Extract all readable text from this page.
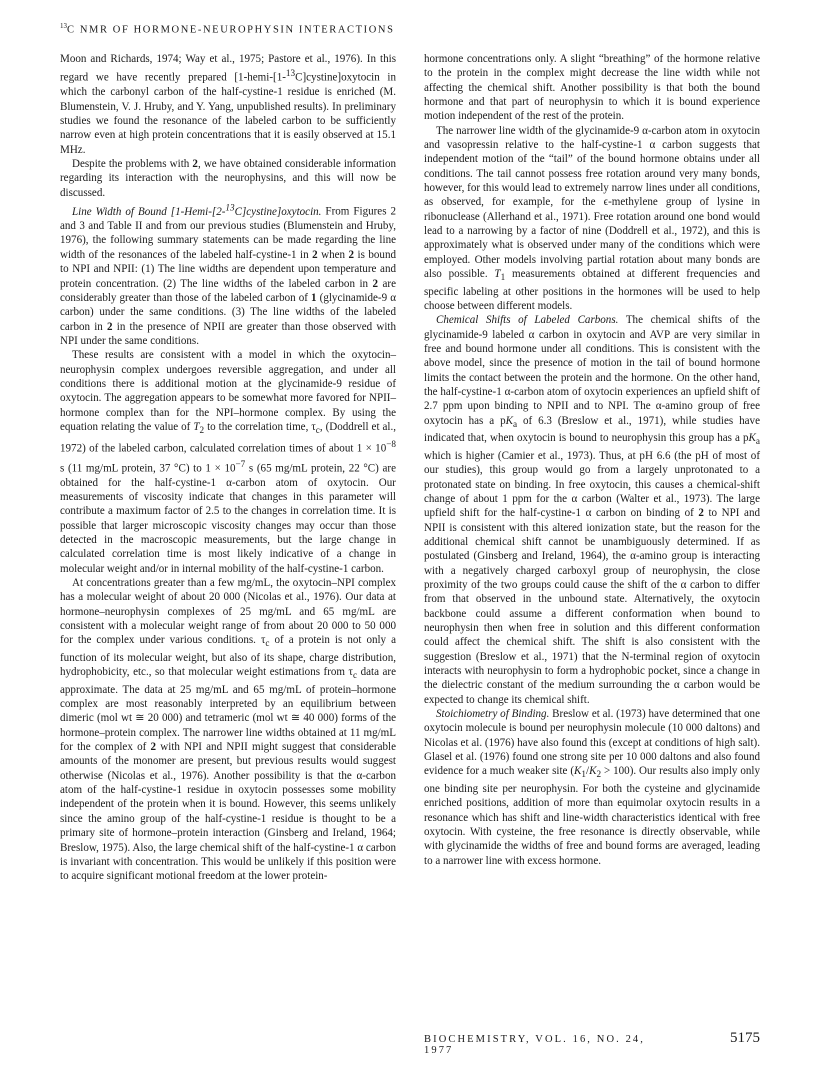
$^{13}$C NMR OF HORMONE-NEUROPHYSIN INTERACTIONS

Moon and Richards, 1974; Way et al., 1975; Pastore et al., 1976). In this regard we have recently prepared [1-hemi-[1-$^{13}$C]cystine]oxytocin in which the carbonyl carbon of the half-cystine-1 residue is enriched (M. Blumenstein, V. J. Hruby, and Y. Yang, unpublished results). In preliminary studies we found the resonance of the labeled carbon to be sufficiently narrow even at high protein concentrations that it is easily observed at 15.1 MHz.

Despite the problems with 2, we have obtained considerable information regarding its interaction with the neurophysins, and this will now be discussed.

Line Width of Bound [1-Hemi-[2-$^{13}$C]cystine]oxytocin. From Figures 2 and 3 and Table II and from our previous studies (Blumenstein and Hruby, 1976), the following summary statements can be made regarding the line width of the resonances of the labeled half-cystine-1 in 2 when 2 is bound to NPI and NPII: (1) The line widths are dependent upon temperature and protein concentration. (2) The line widths of the labeled carbon in 2 are considerably greater than those of the labeled carbon of 1 (glycinamide-9 α carbon) under the same conditions. (3) The line widths of the labeled carbon in 2 in the presence of NPII are greater than those observed with NPI under the same conditions.

These results are consistent with a model in which the oxytocin–neurophysin complex undergoes reversible aggregation, and under all conditions there is additional motion at the glycinamide-9 residue of oxytocin. The aggregation appears to be somewhat more favored for NPII–hormone complex than for the NPI–hormone complex. By using the equation relating the value of $T_2$ to the correlation time, $\tau_c$, (Doddrell et al., 1972) of the labeled carbon, calculated correlation times of about $1 \times 10^{-8}$ s (11 mg/mL protein, 37 °C) to $1 \times 10^{-7}$ s (65 mg/mL protein, 22 °C) are obtained for the half-cystine-1 α-carbon atom of oxytocin. Our measurements of viscosity indicate that changes in this parameter will contribute a maximum factor of 2.5 to the changes in correlation time. It is possible that larger microscopic viscosity changes may occur than those detected in the macroscopic measurements, but the large change in calculated correlation time is most likely indicative of a change in molecular weight and/or in internal mobility of the half-cystine-1 carbon.

At concentrations greater than a few mg/mL, the oxytocin–NPI complex has a molecular weight of about 20 000 (Nicolas et al., 1976). Our data at hormone–neurophysin complexes of 25 mg/mL and 65 mg/mL are consistent with a molecular weight range of from about 20 000 to 50 000 for the complex under various conditions. $\tau_c$ of a protein is not only a function of its molecular weight, but also of its shape, charge distribution, hydrophobicity, etc., so that molecular weight estimations from $\tau_c$ data are approximate. The data at 25 mg/mL and 65 mg/mL of protein–hormone complex are most reasonably interpreted by an equilibrium between dimeric (mol wt ≅ 20 000) and tetrameric (mol wt ≅ 40 000) forms of the hormone–protein complex. The narrower line widths obtained at 11 mg/mL for the complex of 2 with NPI and NPII might suggest that considerable amounts of the monomer are present, but previous results would suggest otherwise (Nicolas et al., 1976). Another possibility is that the α-carbon atom of the half-cystine-1 residue in oxytocin possesses some mobility independent of the protein when it is bound. However, this seems unlikely since the amino group of the half-cystine-1 residue is thought to be a primary site of hormone–protein interaction (Ginsberg and Ireland, 1964; Breslow, 1975). Also, the large chemical shift of the half-cystine-1 α carbon is invariant with concentration. This would be unlikely if this position were to acquire significant motional freedom at the lower protein-

hormone concentrations only. A slight “breathing” of the hormone relative to the protein in the complex might decrease the line width while not affecting the chemical shift. Another possibility is that both the bound hormone and that part of neurophysin to which it is bound experience motion independent of the rest of the protein.

The narrower line width of the glycinamide-9 α-carbon atom in oxytocin and vasopressin relative to the half-cystine-1 α carbon suggests that independent motion of the “tail” of the bound hormone obtains under all conditions. The tail cannot possess free rotation around very many bonds, however, for this would lead to extremely narrow lines under all conditions, as observed, for example, for the ϵ-methylene group of lysine in ribonuclease (Allerhand et al., 1971). Free rotation around one bond would lead to a narrowing by a factor of nine (Doddrell et al., 1972), and this is approximately what is observed under many of the conditions which were employed. Other models involving partial rotation about many bonds are also possible. $T_1$ measurements obtained at different frequencies and specific labeling at other positions in the hormones will be used to help choose between different models.

Chemical Shifts of Labeled Carbons. The chemical shifts of the glycinamide-9 labeled α carbon in oxytocin and AVP are very similar in free and bound hormone under all conditions. This is consistent with the above model, since the presence of motion in the tail of bound hormone limits the contact between the protein and the hormone. On the other hand, the half-cystine-1 α-carbon atom of oxytocin experiences an upfield shift of 2.7 ppm upon binding to NPII and to NPI. The α-amino group of free oxytocin has a $pK_a$ of 6.3 (Breslow et al., 1971), while studies have indicated that, when oxytocin is bound to neurophysin this group has a $pK_a$ which is higher (Camier et al., 1973). Thus, at pH 6.6 (the pH of most of our studies), this group would go from a largely unprotonated to a protonated state on binding. In free oxytocin, this causes a chemical-shift change of about 1 ppm for the α carbon (Walter et al., 1973). The large upfield shift for the half-cystine-1 α carbon on binding of 2 to NPI and NPII is consistent with this altered ionization state, but the reason for the additional chemical shift cannot be unambiguously determined. If as postulated (Ginsberg and Ireland, 1964), the α-amino group is interacting with a negatively charged carboxyl group of neurophysin, the close proximity of the two groups could cause the shift of the α carbon to differ from that observed in the unbound state. Alternatively, the oxytocin backbone could assume a different conformation when bound to neurophysin then when free in solution and this different conformation could affect the chemical shift. The shift is also consistent with the suggestion (Breslow et al., 1971) that the N-terminal region of oxytocin interacts with neurophysin to form a hydrophobic pocket, since a change in the dielectric constant of the medium surrounding the α carbon would be expected to change its chemical shift.

Stoichiometry of Binding. Breslow et al. (1973) have determined that one oxytocin molecule is bound per neurophysin molecule (10 000 daltons) and Nicolas et al. (1976) have also found this (except at conditions of high salt). Glasel et al. (1976) found one strong site per 10 000 daltons and also found evidence for a much weaker site $(K_1/K_2 > 100)$. Our results also imply only one binding site per neurophysin. For both the cysteine and glycinamide enriched positions, addition of more than equimolar oxytocin results in a resonance which has shift and line-width characteristics identical with free oxytocin. With cysteine, the free resonance is directly observable, while with glycinamide the widths of free and bound forms are averaged, leading to a narrower line with excess hormone.

BIOCHEMISTRY, VOL. 16, NO. 24, 1977
5175
